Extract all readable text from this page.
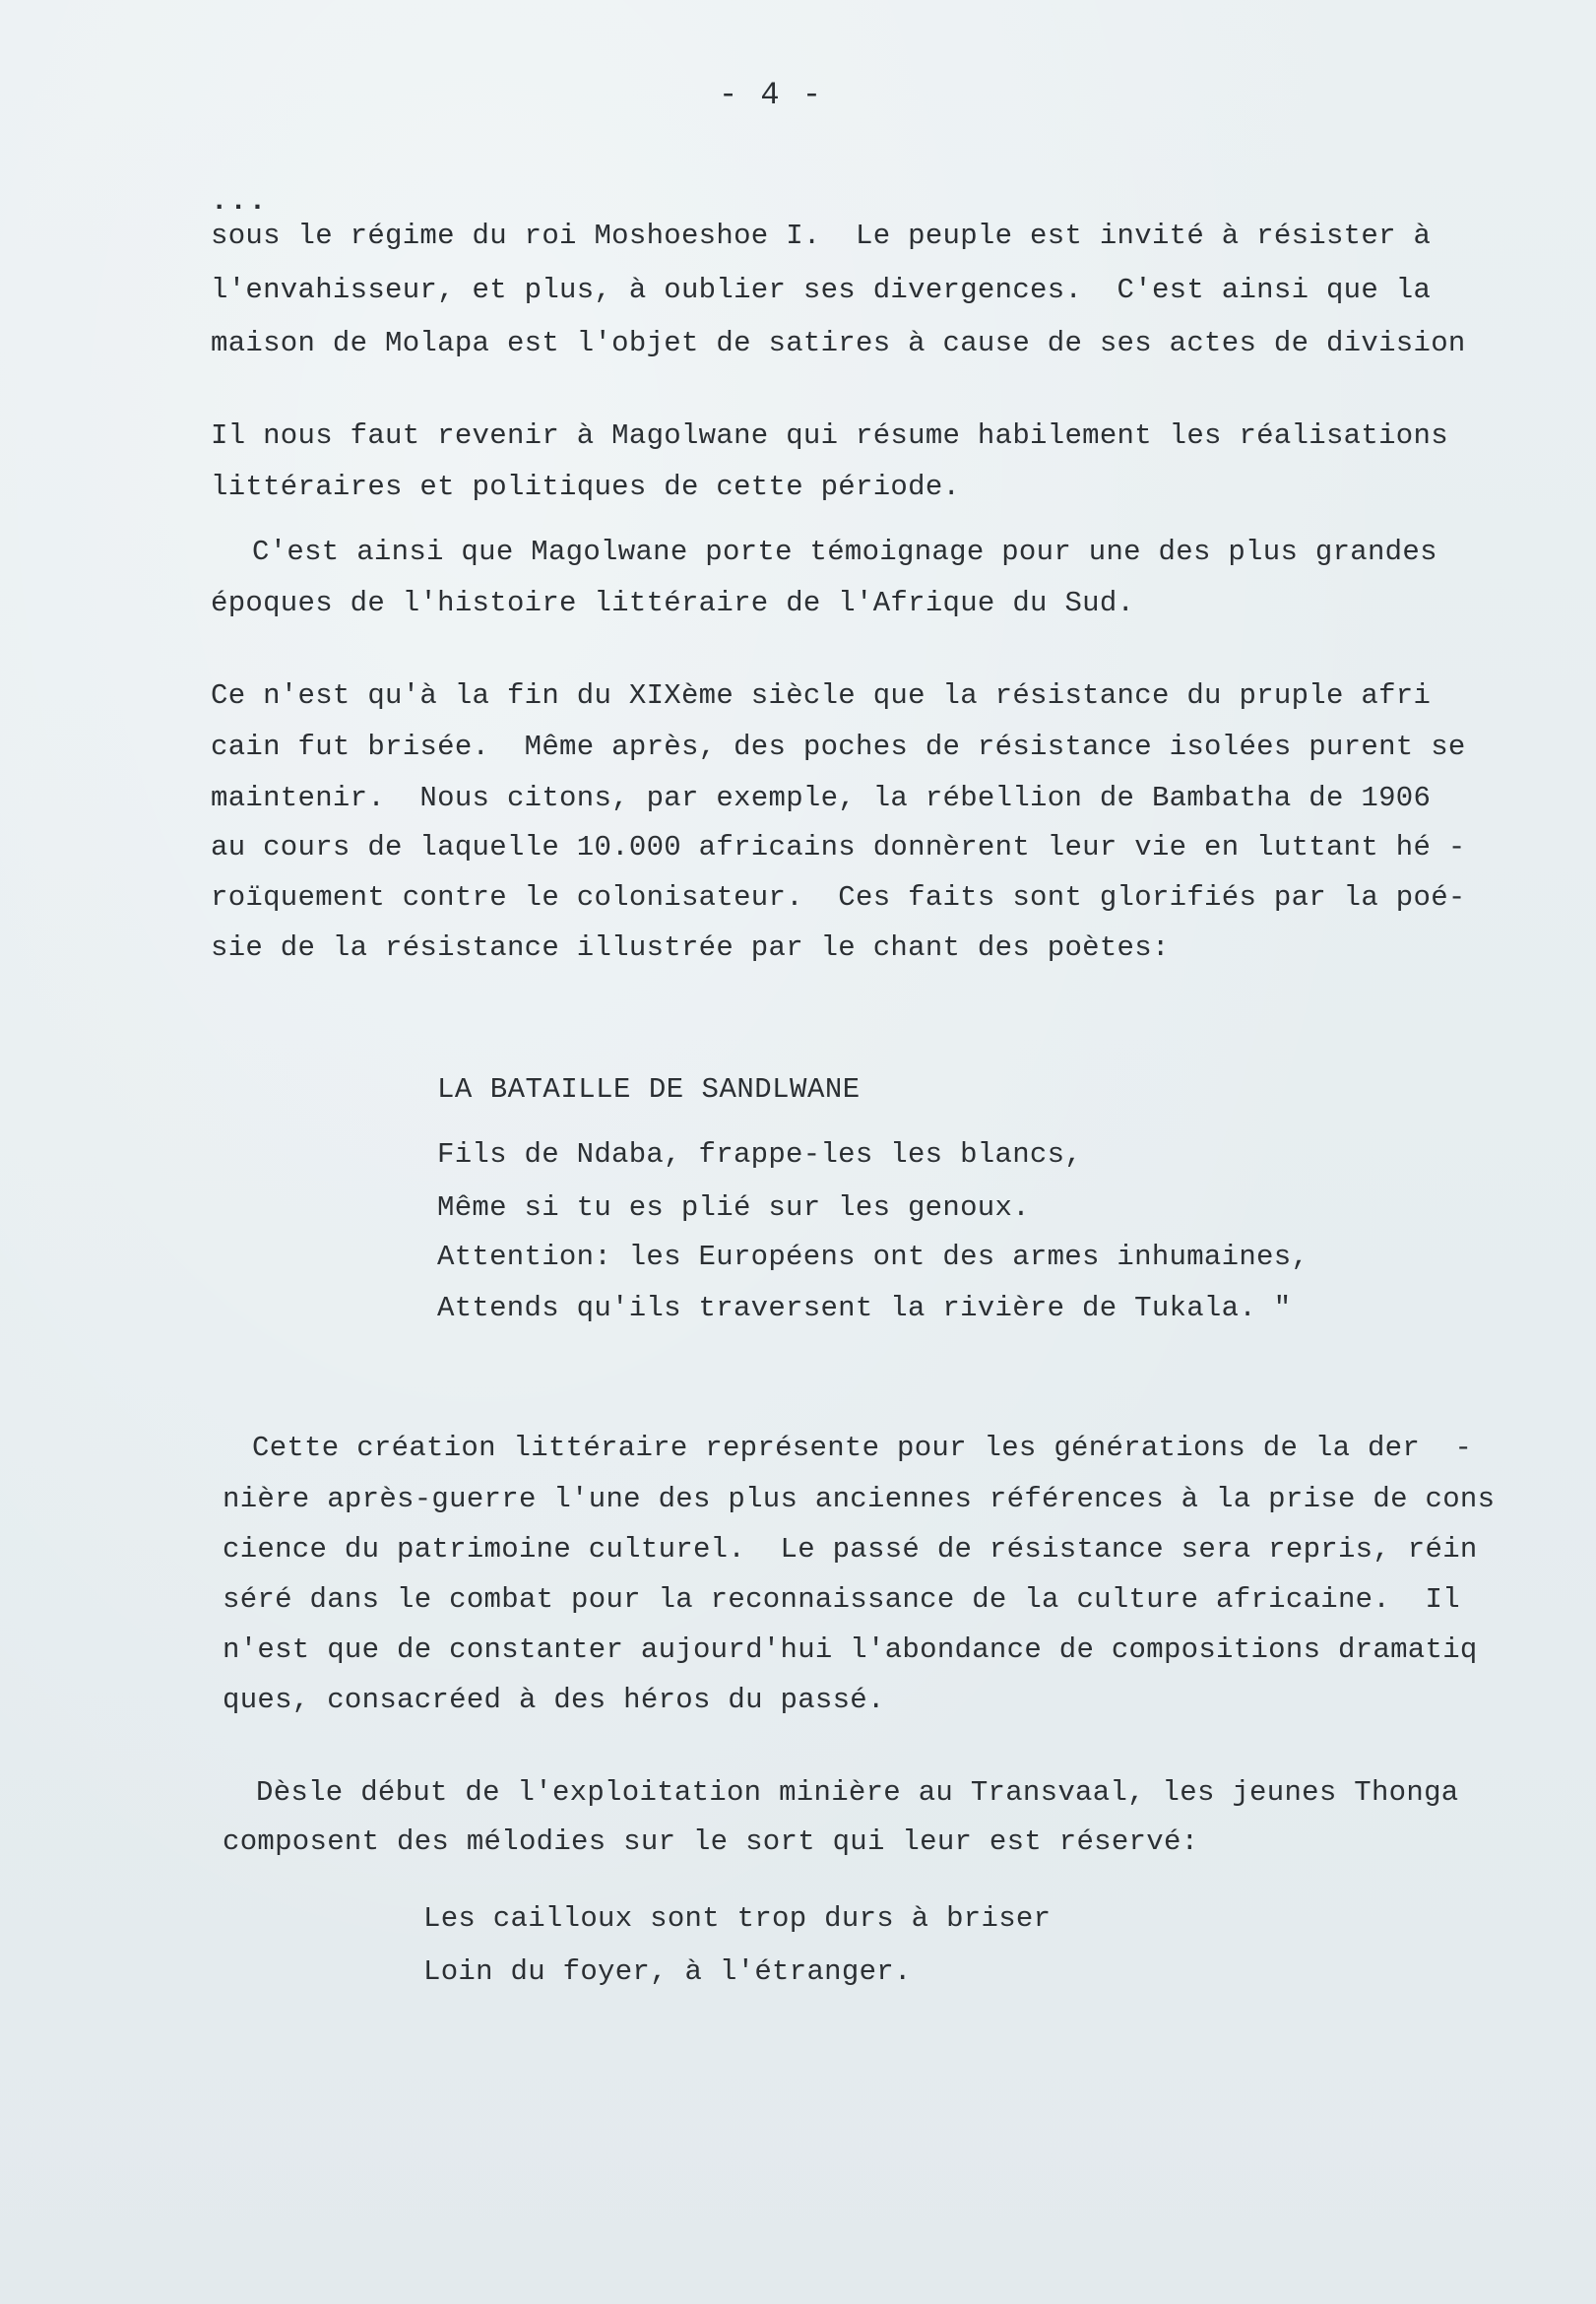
- 4 -
...
sous le régime du roi Moshoeshoe I.  Le peuple est invité à résister à
l'envahisseur, et plus, à oublier ses divergences.  C'est ainsi que la
maison de Molapa est l'objet de satires à cause de ses actes de division
Il nous faut revenir à Magolwane qui résume habilement les réalisations
littéraires et politiques de cette période.
C'est ainsi que Magolwane porte témoignage pour une des plus grandes
époques de l'histoire littéraire de l'Afrique du Sud.
Ce n'est qu'à la fin du XIXème siècle que la résistance du pruple afri
cain fut brisée.  Même après, des poches de résistance isolées purent se
maintenir.  Nous citons, par exemple, la rébellion de Bambatha de 1906
au cours de laquelle 10.000 africains donnèrent leur vie en luttant hé -
roïquement contre le colonisateur.  Ces faits sont glorifiés par la poé-
sie de la résistance illustrée par le chant des poètes:
LA BATAILLE DE SANDLWANE
Fils de Ndaba, frappe-les les blancs,
Même si tu es plié sur les genoux.
Attention: les Européens ont des armes inhumaines,
Attends qu'ils traversent la rivière de Tukala. "
Cette création littéraire représente pour les générations de la der  -
nière après-guerre l'une des plus anciennes références à la prise de cons
cience du patrimoine culturel.  Le passé de résistance sera repris, réin
séré dans le combat pour la reconnaissance de la culture africaine.  Il
n'est que de constanter aujourd'hui l'abondance de compositions dramatiq
ques, consacréed à des héros du passé.
Dèsle début de l'exploitation minière au Transvaal, les jeunes Thonga
composent des mélodies sur le sort qui leur est réservé:
Les cailloux sont trop durs à briser
Loin du foyer, à l'étranger.
